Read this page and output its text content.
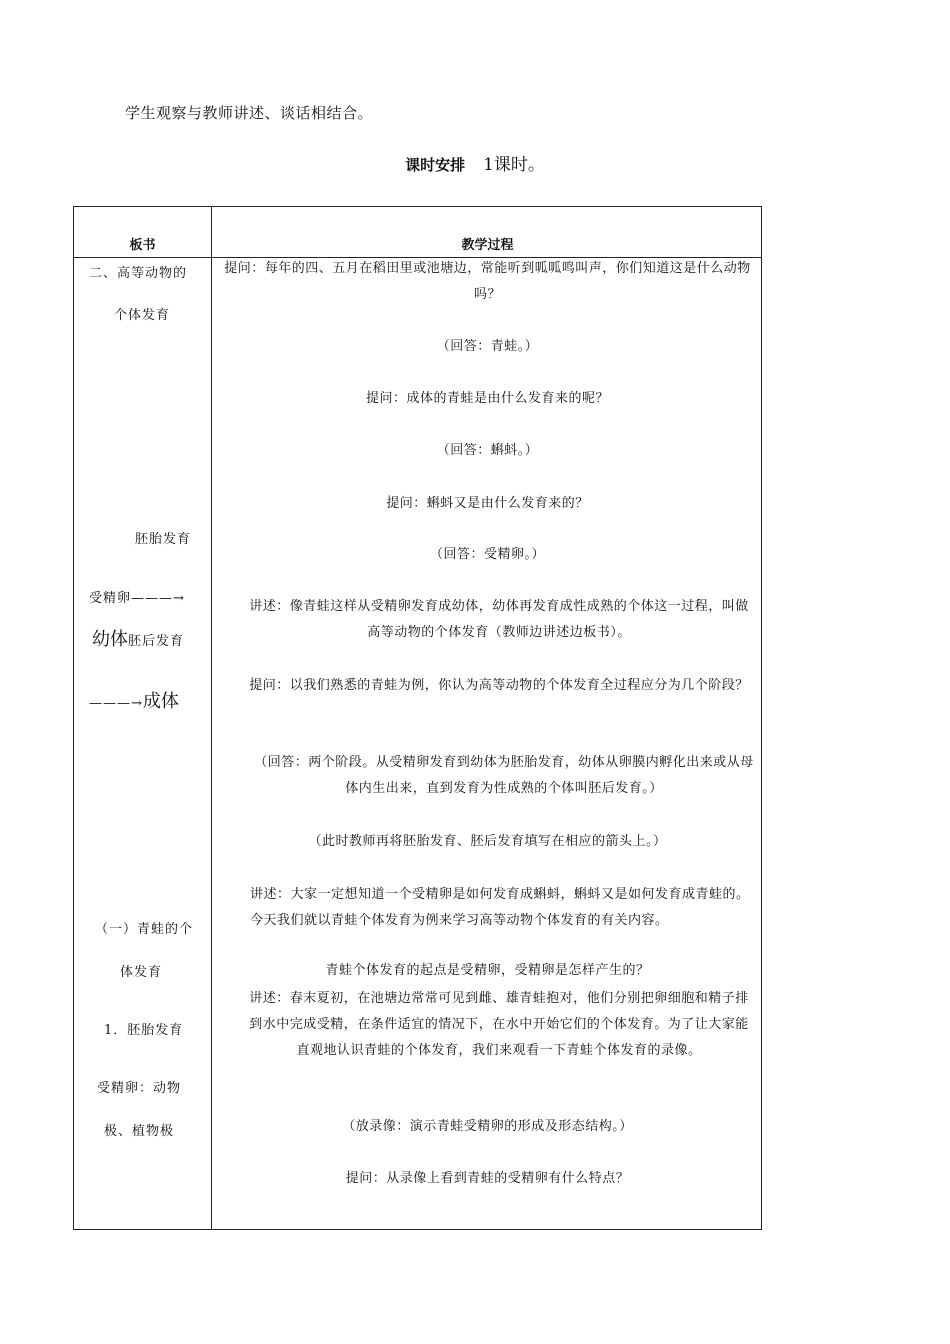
学生观察与教师讲述、谈话相结合。
课时安排 1课时。
板书	教学过程
二、高等动物的
个体发育
胚胎发育
受精卵———→
幼体胚后发育
———→成体
（一）青蛙的个
体发育
1．胚胎发育
受精卵：动物
极、植物极
提问：每年的四、五月在稻田里或池塘边，常能听到呱呱鸣叫声，你们知道这是什么动物吗？
（回答：青蛙。）
提问：成体的青蛙是由什么发育来的呢？
（回答：蝌蚪。）
提问：蝌蚪又是由什么发育来的？
（回答：受精卵。）
讲述：像青蛙这样从受精卵发育成幼体，幼体再发育成性成熟的个体这一过程，叫做高等动物的个体发育（教师边讲述边板书）。
提问：以我们熟悉的青蛙为例，你认为高等动物的个体发育全过程应分为几个阶段？
（回答：两个阶段。从受精卵发育到幼体为胚胎发育，幼体从卵膜内孵化出来或从母体内生出来，直到发育为性成熟的个体叫胚后发育。）
（此时教师再将胚胎发育、胚后发育填写在相应的箭头上。）
讲述：大家一定想知道一个受精卵是如何发育成蝌蚪，蝌蚪又是如何发育成青蛙的。今天我们就以青蛙个体发育为例来学习高等动物个体发育的有关内容。
青蛙个体发育的起点是受精卵，受精卵是怎样产生的？
讲述：春末夏初，在池塘边常常可见到雌、雄青蛙抱对，他们分别把卵细胞和精子排到水中完成受精，在条件适宜的情况下，在水中开始它们的个体发育。为了让大家能直观地认识青蛙的个体发育，我们来观看一下青蛙个体发育的录像。
（放录像：演示青蛙受精卵的形成及形态结构。）
提问：从录像上看到青蛙的受精卵有什么特点？
